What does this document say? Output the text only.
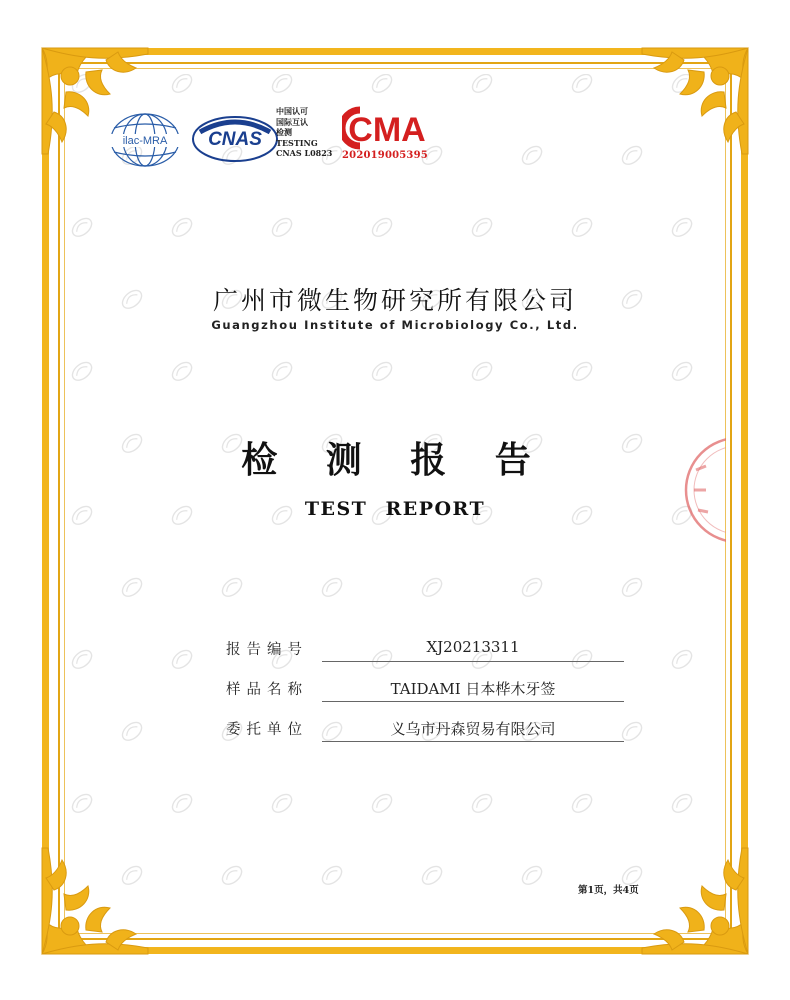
ilac-MRA CNAS
中国认可
国际互认
检测
TESTING
CNAS L0823
CMA
202019005395
广州市微生物研究所有限公司
Guangzhou Institute of Microbiology Co., Ltd.
检 测 报 告
TEST REPORT
报告编号	XJ20213311
样品名称	TAIDAMI 日本桦木牙签
委托单位	义乌市丹森贸易有限公司
第1页，共4页
